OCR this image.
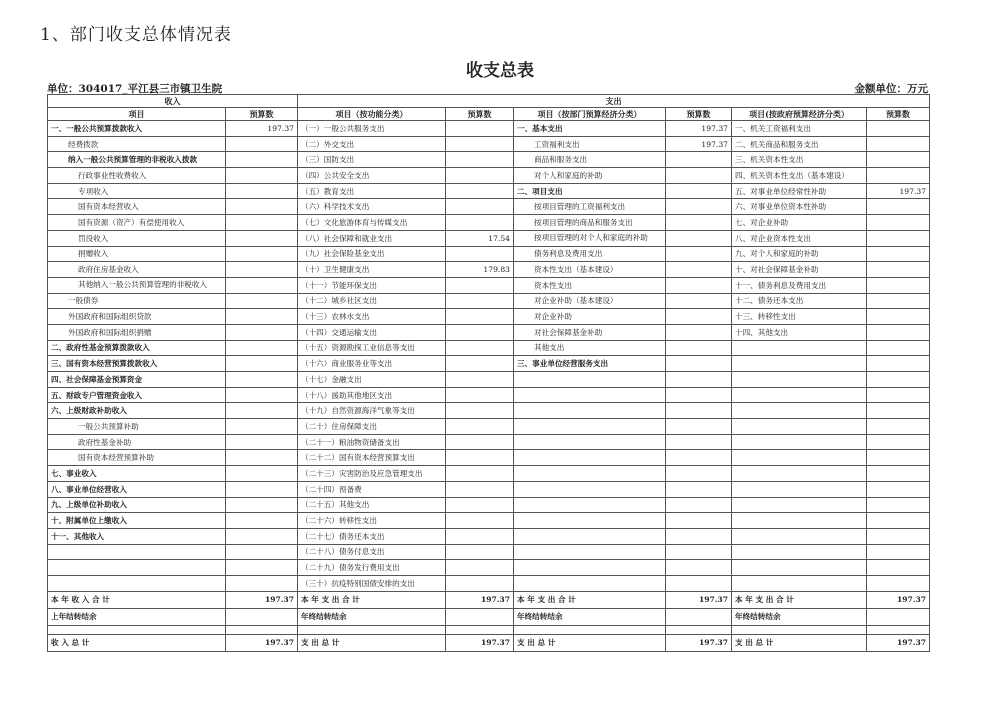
1、部门收支总体情况表
收支总表
单位：304017_平江县三市镇卫生院	金额单位：万元
收入		支出					
项目	预算数	项目（按功能分类）	预算数	项目（按部门预算经济分类）	预算数	项目(按政府预算经济分类）	预算数
一、一般公共预算拨款收入	197.37	（一）一般公共服务支出		一、基本支出	197.37	一、机关工资福利支出	
经费拨款		（二）外交支出		工资福利支出	197.37	二、机关商品和服务支出	
纳入一般公共预算管理的非税收入拨款		（三）国防支出		商品和服务支出		三、机关资本性支出	
行政事业性收费收入		（四）公共安全支出		对个人和家庭的补助		四、机关资本性支出（基本建设）	
专项收入		（五）教育支出		二、项目支出		五、对事业单位经常性补助	197.37
国有资本经营收入		（六）科学技术支出		按项目管理的工资福利支出		六、对事业单位资本性补助	
国有资源（资产）有偿使用收入		（七）文化旅游体育与传媒支出		按项目管理的商品和服务支出		七、对企业补助	
罚没收入		（八）社会保障和就业支出	17.54	按项目管理的对个人和家庭的补助		八、对企业资本性支出	
捐赠收入		（九）社会保险基金支出		债务利息及费用支出		九、对个人和家庭的补助	
政府住房基金收入		（十）卫生健康支出	179.83	资本性支出（基本建设）		十、对社会保障基金补助	
其他纳入一般公共预算管理的非税收入		（十一）节能环保支出		资本性支出		十一、债务利息及费用支出	
一般债券		（十二）城乡社区支出		对企业补助（基本建设）		十二、债务还本支出	
外国政府和国际组织贷款		（十三）农林水支出		对企业补助		十三、转移性支出	
外国政府和国际组织捐赠		（十四）交通运输支出		对社会保障基金补助		十四、其他支出	
二、政府性基金预算拨款收入		（十五）资源勘探工业信息等支出		其他支出			
三、国有资本经营预算拨款收入		（十六）商业服务业等支出		三、事业单位经营服务支出			
四、社会保障基金预算资金		（十七）金融支出					
五、财政专户管理资金收入		（十八）援助其他地区支出					
六、上级财政补助收入		（十九）自然资源海洋气象等支出					
一般公共预算补助		（二十）住房保障支出					
政府性基金补助		（二十一）粮油物资储备支出					
国有资本经营预算补助		（二十二）国有资本经营预算支出					
七、事业收入		（二十三）灾害防治及应急管理支出					
八、事业单位经营收入		（二十四）预备费					
九、上级单位补助收入		（二十五）其他支出					
十、附属单位上缴收入		（二十六）转移性支出					
十一、其他收入		（二十七）债务还本支出					
		（二十八）债务付息支出					
		（二十九）债务发行费用支出					
		（三十）抗疫特别国债安排的支出					
本 年 收 入 合 计	197.37	本 年 支 出 合 计	197.37	本 年 支 出 合 计	197.37	本 年 支 出 合 计	197.37
上年结转结余		年终结转结余		年终结转结余		年终结转结余	

收 入 总 计	197.37	支 出 总 计	197.37	支 出 总 计	197.37	支 出 总 计	197.37
